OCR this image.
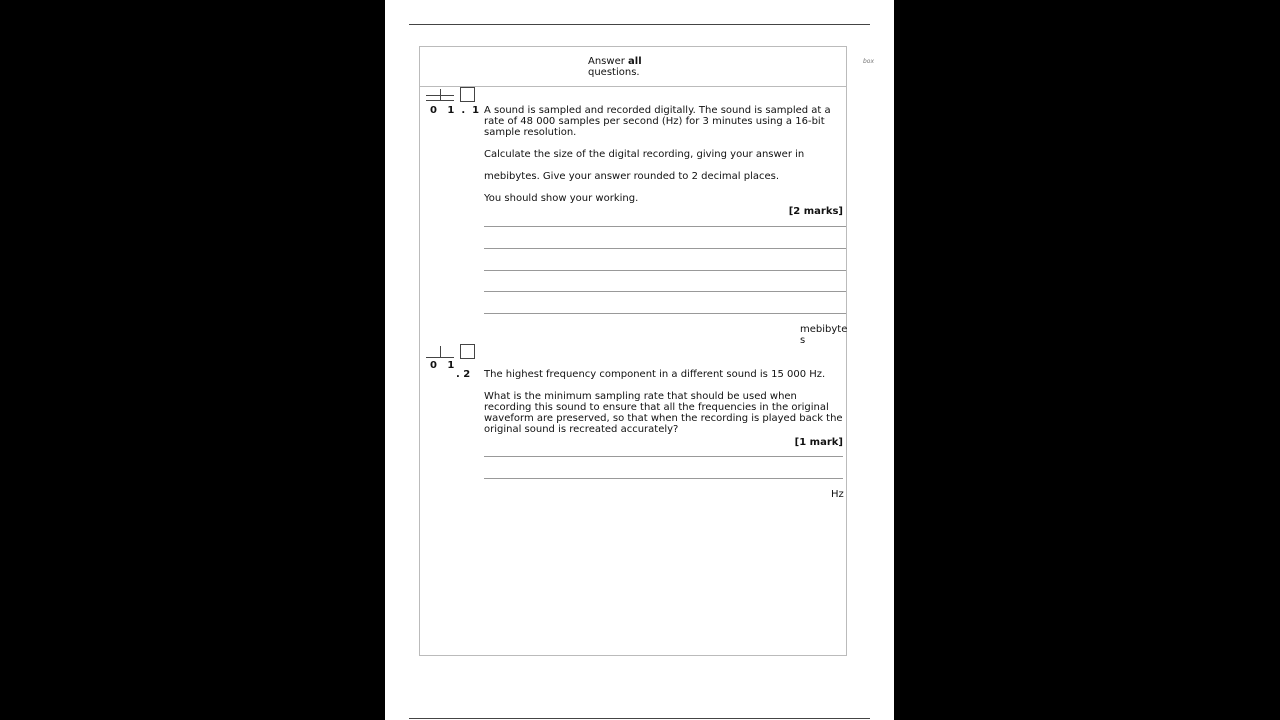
Answer all
questions.
box
0 1 . 1 A sound is sampled and recorded digitally. The sound is sampled at a rate of 48 000 samples per second (Hz) for 3 minutes using a 16-bit sample resolution.
Calculate the size of the digital recording, giving your answer in
mebibytes. Give your answer rounded to 2 decimal places.
You should show your working.
[2 marks]
mebibyte
s
0 1
. 2 The highest frequency component in a different sound is 15 000 Hz.
What is the minimum sampling rate that should be used when recording this sound to ensure that all the frequencies in the original waveform are preserved, so that when the recording is played back the original sound is recreated accurately?
[1 mark]
Hz
